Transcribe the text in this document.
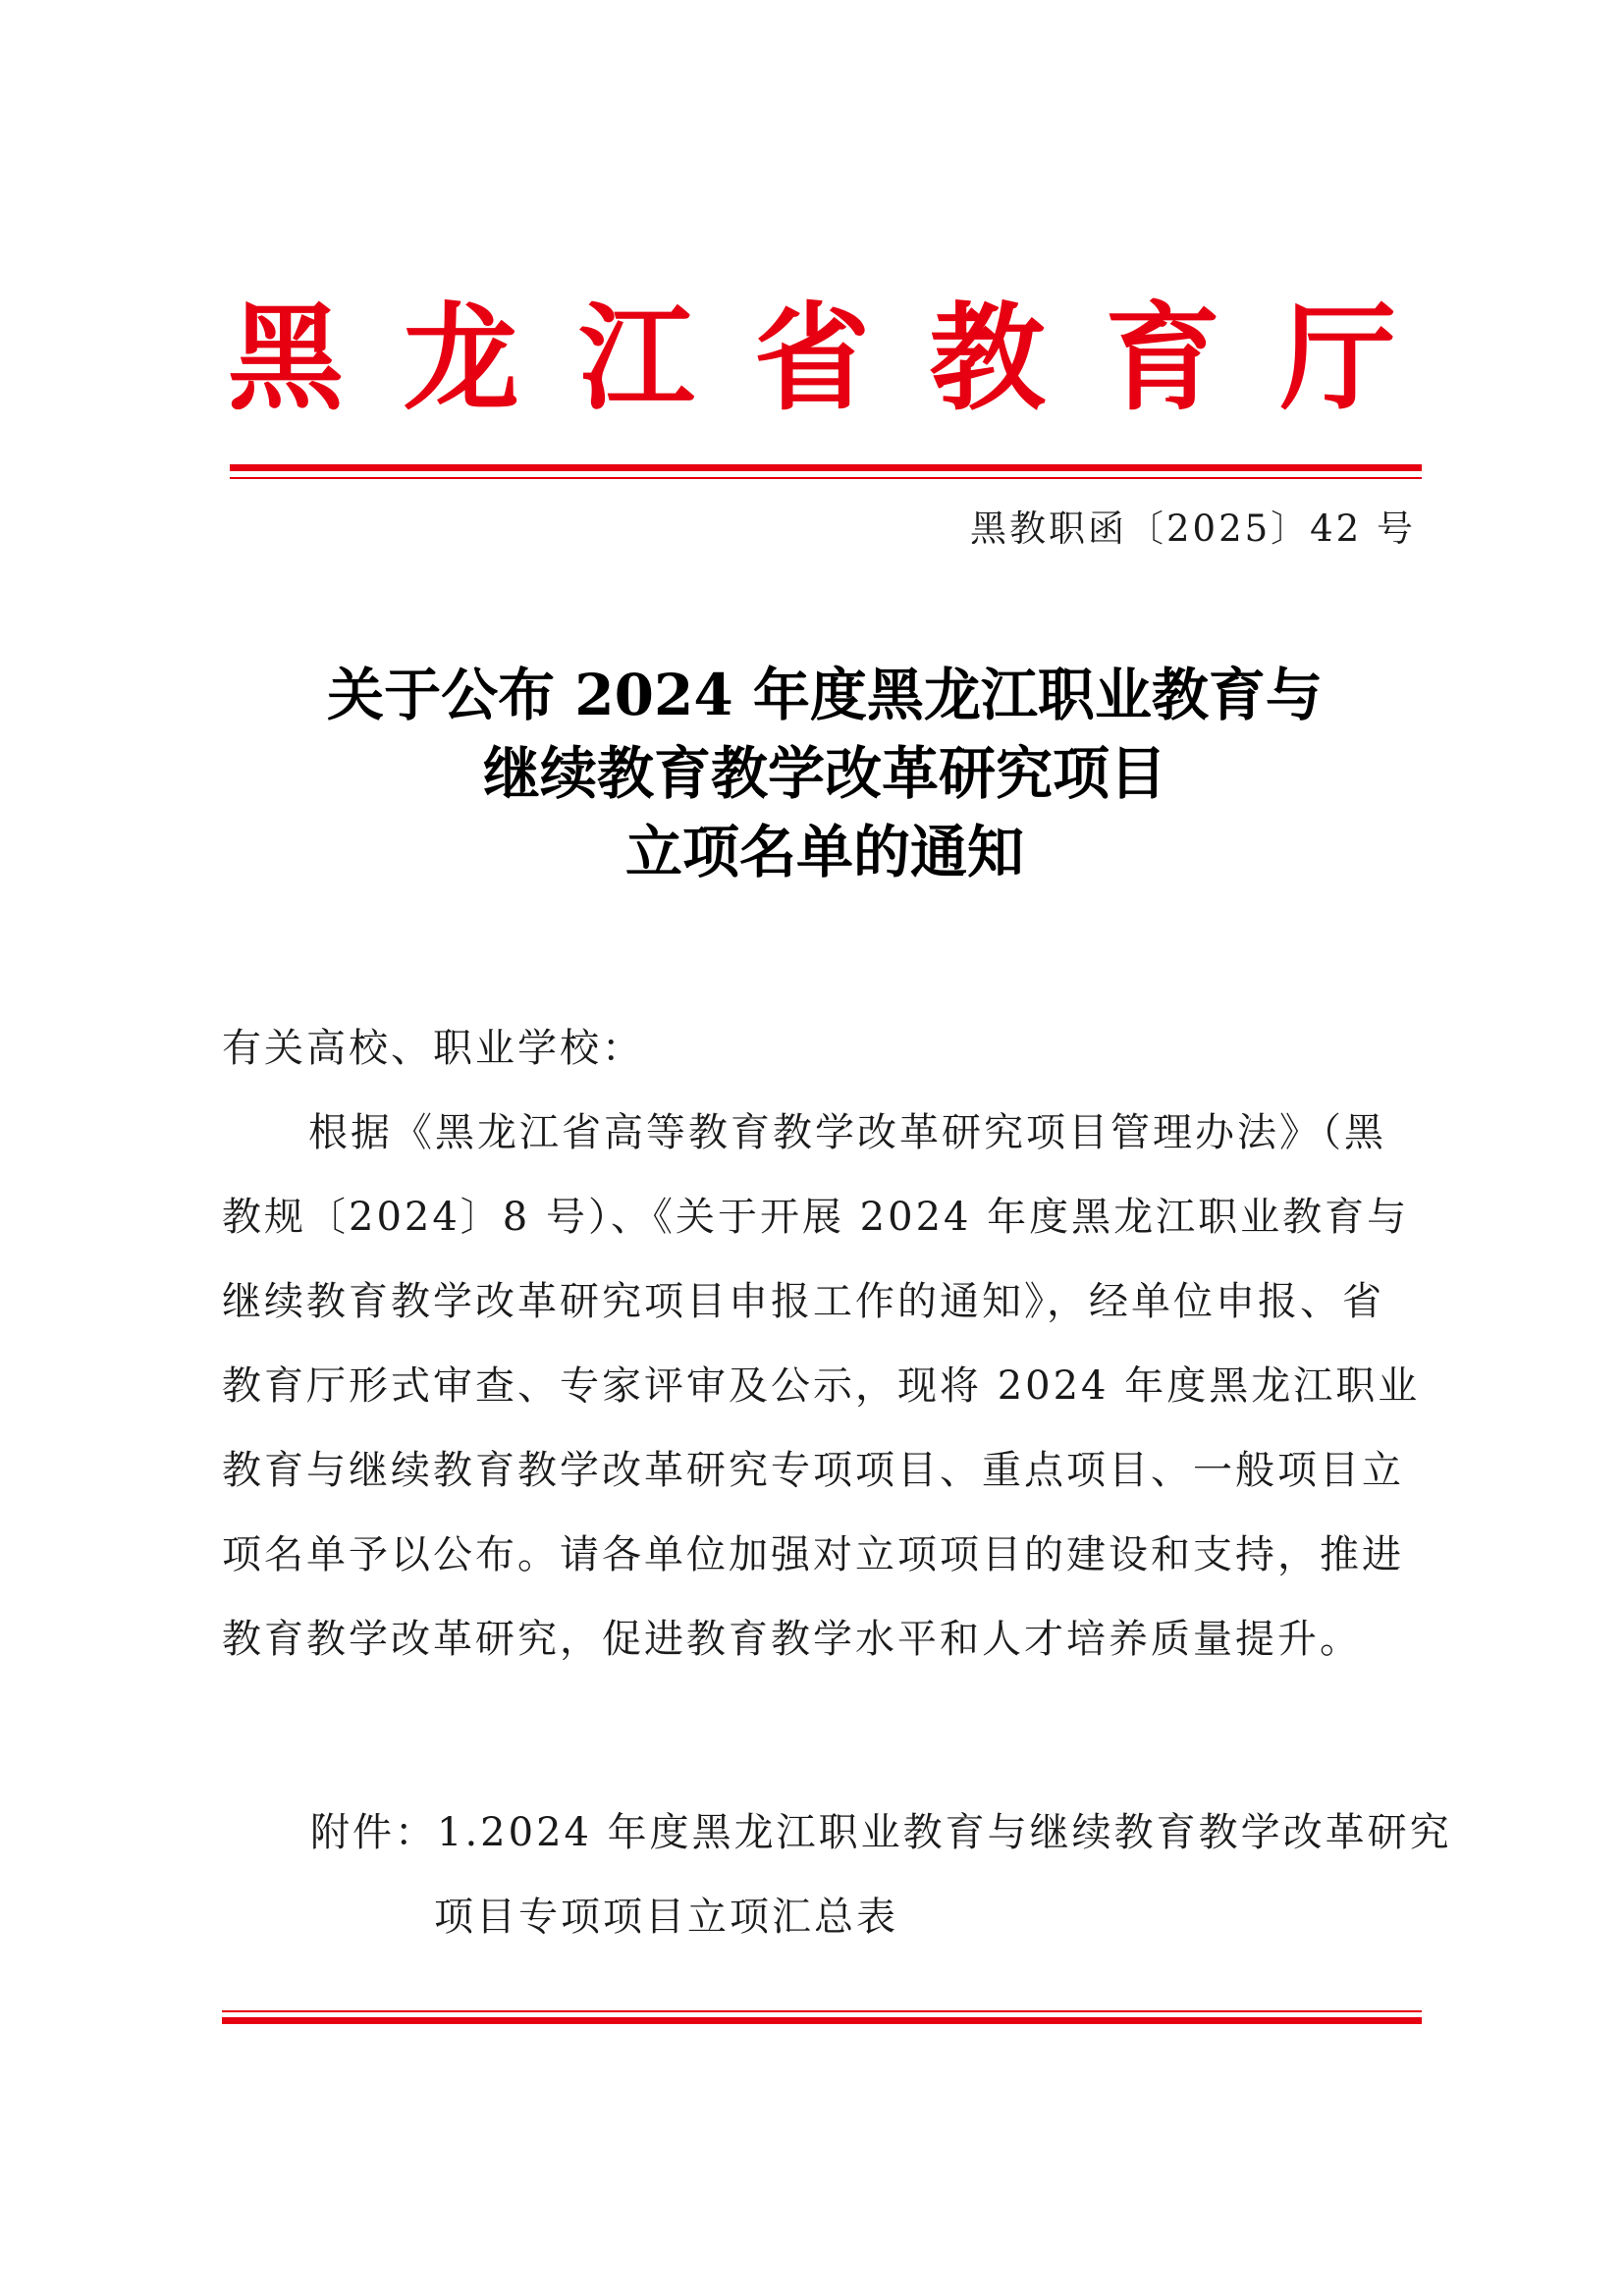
黑 龙 江 省 教 育 厅
黑教职函〔2025〕42 号
关于公布 2024 年度黑龙江职业教育与
继续教育教学改革研究项目
立项名单的通知
有关高校、职业学校：
根据《黑龙江省高等教育教学改革研究项目管理办法》（黑
教规〔2024〕8 号）、《关于开展 2024 年度黑龙江职业教育与
继续教育教学改革研究项目申报工作的通知》，经单位申报、省
教育厅形式审查、专家评审及公示，现将 2024 年度黑龙江职业
教育与继续教育教学改革研究专项项目、重点项目、一般项目立
项名单予以公布。请各单位加强对立项项目的建设和支持，推进
教育教学改革研究，促进教育教学水平和人才培养质量提升。
附件：1.2024 年度黑龙江职业教育与继续教育教学改革研究
项目专项项目立项汇总表
